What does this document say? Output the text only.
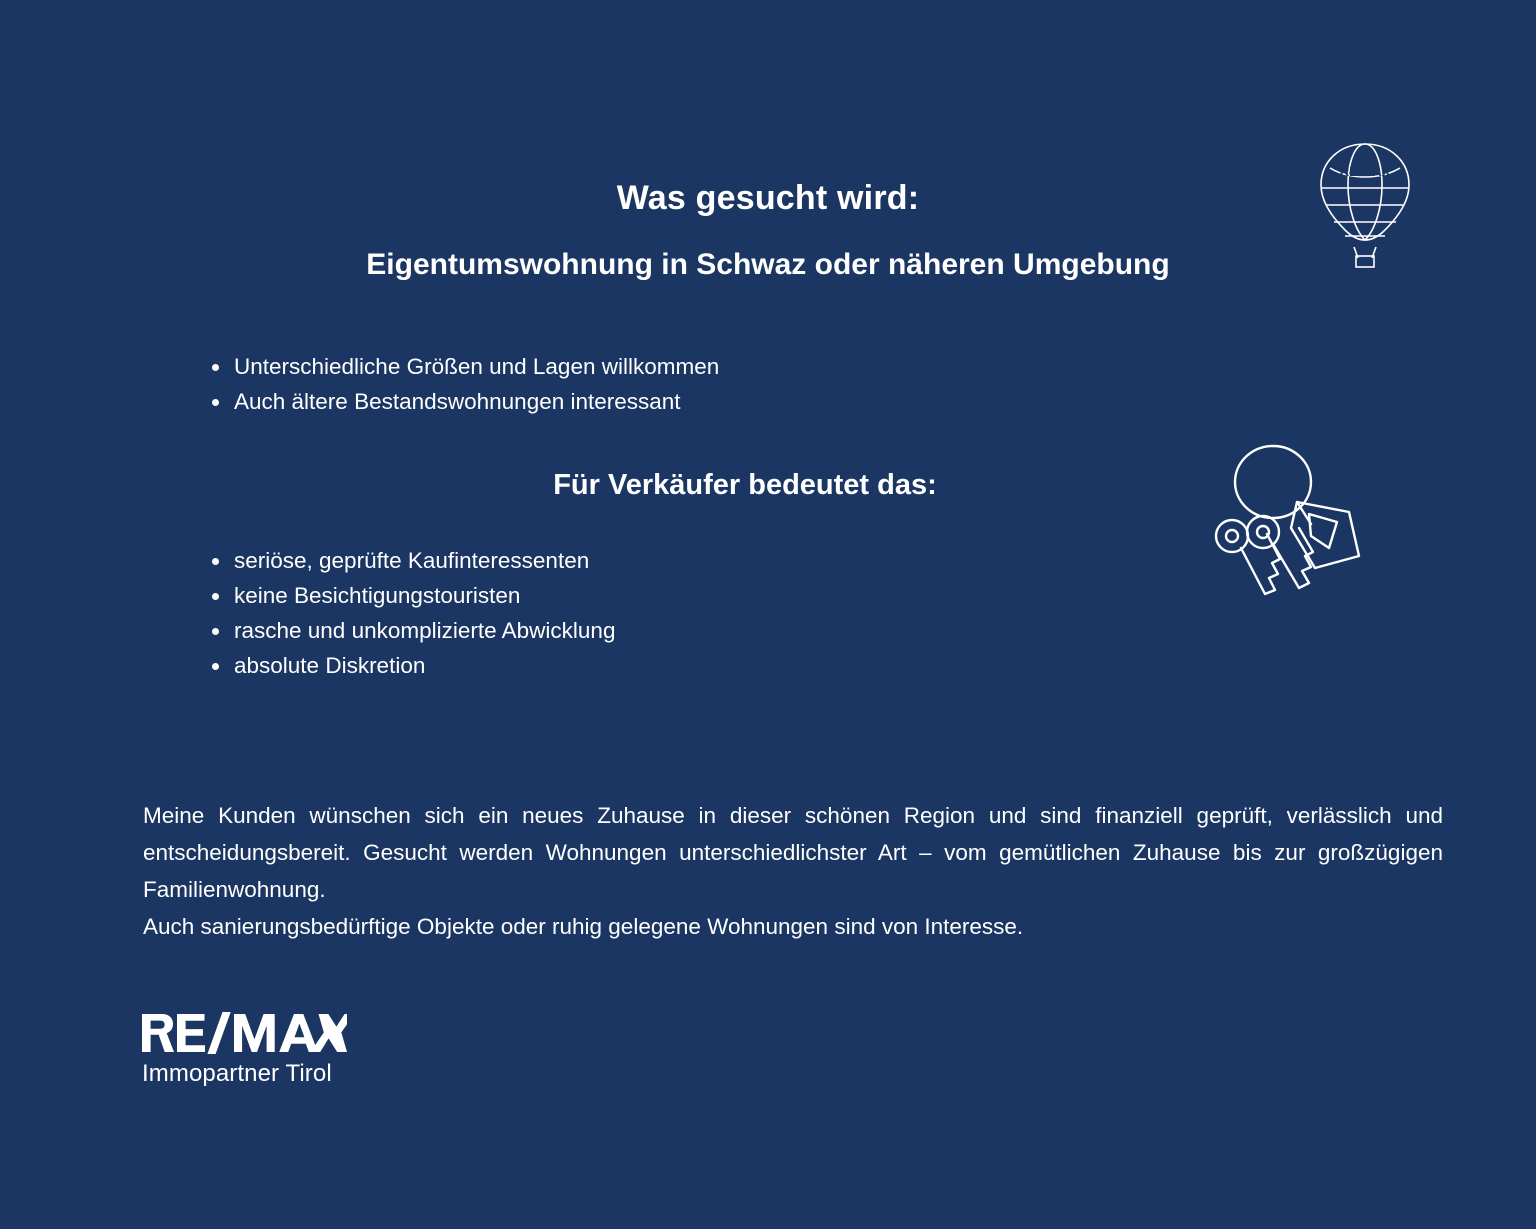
Was gesucht wird:
Eigentumswohnung in Schwaz oder näheren Umgebung
Unterschiedliche Größen und Lagen willkommen
Auch ältere Bestandswohnungen interessant
Für Verkäufer bedeutet das:
seriöse, geprüfte Kaufinteressenten
keine Besichtigungstouristen
rasche und unkomplizierte Abwicklung
absolute Diskretion

Meine Kunden wünschen sich ein neues Zuhause in dieser schönen Region und sind finanziell geprüft, verlässlich und entscheidungsbereit. Gesucht werden Wohnungen unterschiedlichster Art – vom gemütlichen Zuhause bis zur großzügigen Familienwohnung.

Auch sanierungsbedürftige Objekte oder ruhig gelegene Wohnungen sind von Interesse.

Immopartner Tirol
RE/MAX
